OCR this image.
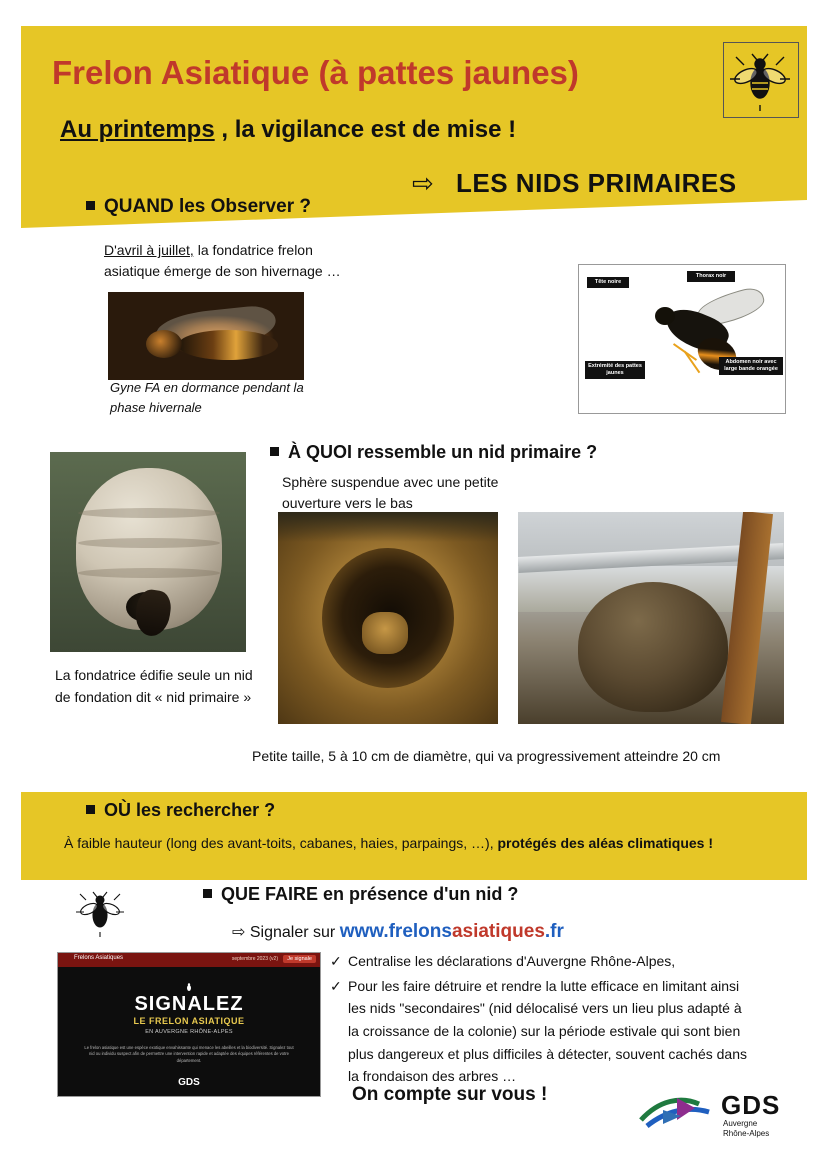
Frelon Asiatique (à pattes jaunes)
Au printemps , la vigilance est de mise !
⇨ LES NIDS PRIMAIRES
QUAND les Observer ?
D'avril à juillet, la fondatrice frelon asiatique émerge de son hivernage …
Gyne FA en dormance pendant la phase hivernale
Tête noire
Thorax noir
Abdomen noir avec large bande orangée
Extrémité des pattes jaunes
À QUOI ressemble un nid primaire ?
Sphère suspendue avec une petite ouverture vers le bas
La fondatrice édifie seule un nid de fondation dit « nid primaire »
Petite taille, 5 à 10 cm de diamètre, qui va progressivement atteindre 20 cm
OÙ les rechercher ?
À faible hauteur (long des avant-toits, cabanes, haies, parpaings, …), protégés des aléas climatiques !
QUE FAIRE en présence d'un nid ?
⇨ Signaler sur www.frelonsasiatiques.fr
✓ Centralise les déclarations d'Auvergne Rhône-Alpes,
✓ Pour les faire détruire et rendre la lutte efficace en limitant ainsi les nids "secondaires" (nid délocalisé vers un lieu plus adapté à la croissance de la colonie) sur la période estivale qui sont bien plus dangereux et plus difficiles à détecter, souvent cachés dans la frondaison des arbres …
Frelons Asiatiques	septembre 2023 (v2)	Je signale
SIGNALEZ
LE FRELON ASIATIQUE
EN AUVERGNE RHÔNE-ALPES
Le frelon asiatique est une espèce exotique envahissante qui menace les abeilles et la biodiversité. Signalez tout nid ou individu suspect afin de permettre une intervention rapide et adaptée des équipes référentes de votre département.
GDS
On compte sur vous !	GDS
Auvergne
Rhône-Alpes
